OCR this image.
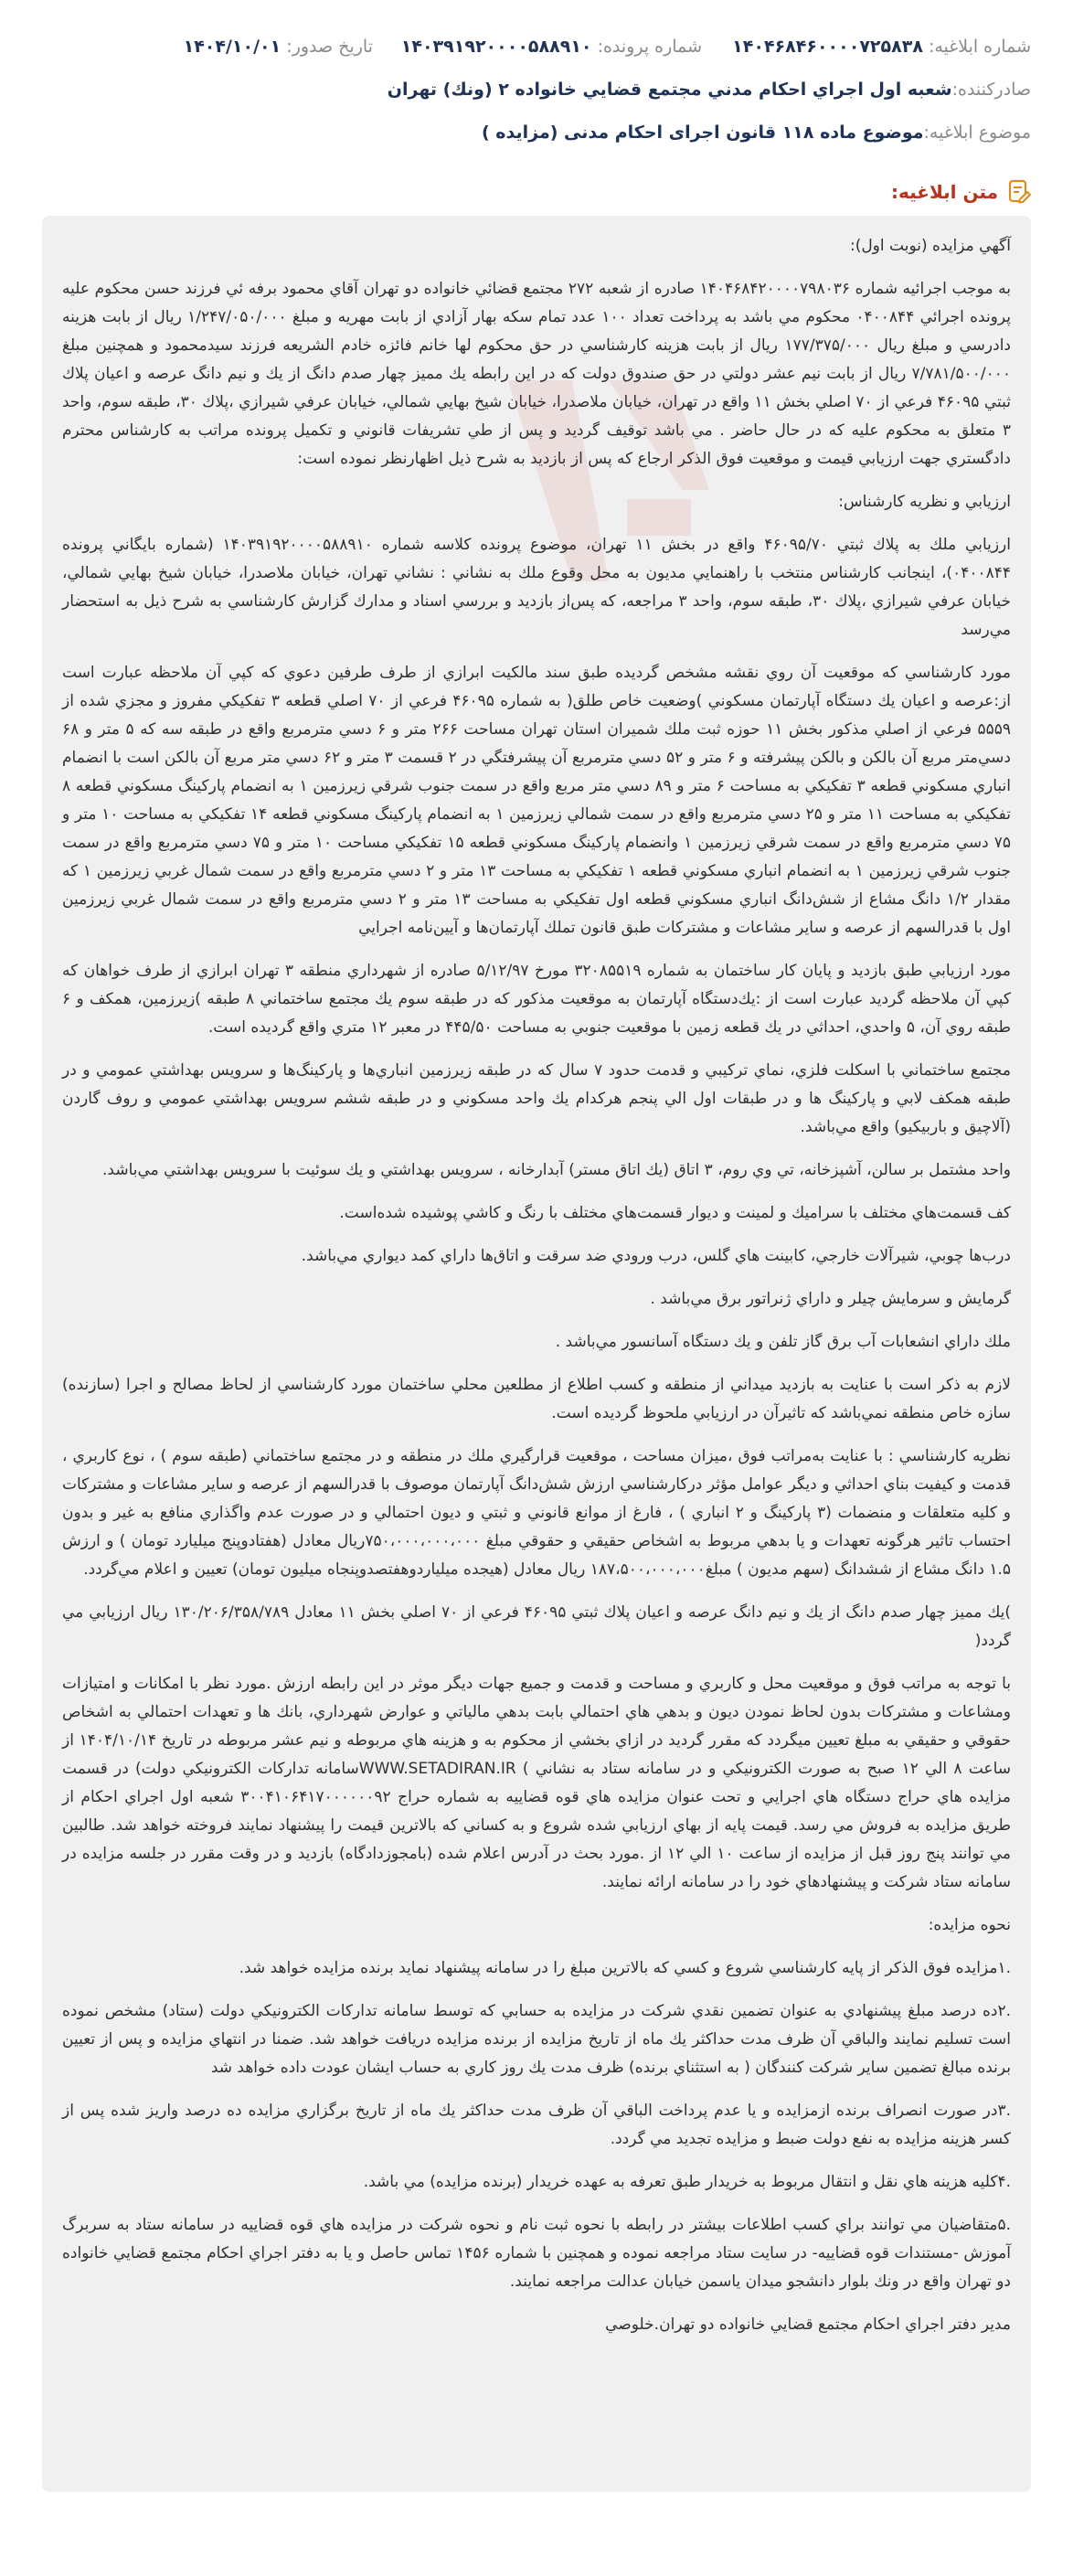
شماره ابلاغیه: ۱۴۰۴۶۸۴۶۰۰۰۰۷۲۵۸۳۸
شماره پرونده: ۱۴۰۳۹۱۹۲۰۰۰۰۵۸۸۹۱۰
تاریخ صدور: ۱۴۰۴/۱۰/۰۱
صادرکننده:
شعبه اول اجراي احكام مدني مجتمع قضايي خانواده ۲ (ونك) تهران
موضوع ابلاغیه:
موضوع ماده ۱۱۸ قانون اجرای احکام مدنی (مزایده )
متن ابلاغیه:

آگهي مزايده (نوبت اول):

به موجب اجرائيه شماره ۱۴۰۴۶۸۴۲۰۰۰۰۷۹۸۰۳۶ صادره از شعبه ۲۷۲ مجتمع قضائي خانواده دو تهران آقاي محمود برفه ئي فرزند حسن محكوم عليه پرونده اجرائي ۰۴۰۰۸۴۴ محكوم مي باشد به پرداخت تعداد ۱۰۰ عدد تمام سكه بهار آزادي از بابت مهريه و مبلغ ۱/۲۴۷/۰۵۰/۰۰۰ ريال از بابت هزينه دادرسي و مبلغ ريال ۱۷۷/۳۷۵/۰۰۰ ريال از بابت هزينه كارشناسي در حق محكوم لها خانم فائزه خادم الشريعه فرزند سيدمحمود و همچنين مبلغ ۷/۷۸۱/۵۰۰/۰۰۰ ريال از بابت نيم عشر دولتي در حق صندوق دولت كه در اين رابطه يك مميز چهار صدم دانگ از يك و نيم دانگ عرصه و اعيان پلاك ثبتي ۴۶۰۹۵ فرعي از ۷۰ اصلي بخش ۱۱ واقع در تهران، خيابان ملاصدرا، خيابان شيخ بهايي شمالي، خيابان عرفي شيرازي ،پلاك ۳۰، طبقه سوم، واحد ۳ متعلق به محكوم عليه كه در حال حاضر . مي باشد توقيف گرديد و پس از طي تشريفات قانوني و تكميل پرونده مراتب به كارشناس محترم دادگستري جهت ارزيابي قيمت و موقعيت فوق الذكر ارجاع كه پس از بازديد به شرح ذيل اظهارنظر نموده است:

ارزيابي و نظريه كارشناس:

ارزيابي ملك به پلاك ثبتي ۴۶۰۹۵/۷۰ واقع در بخش ۱۱ تهران، موضوع پرونده كلاسه شماره ۱۴۰۳۹۱۹۲۰۰۰۰۵۸۸۹۱۰ (شماره بايگاني پرونده ۰۴۰۰۸۴۴)، اينجانب كارشناس منتخب با راهنمايي مديون به محل وقوع ملك به نشاني : نشاني تهران، خيابان ملاصدرا، خيابان شيخ بهايي شمالي، خيابان عرفي شيرازي ،پلاك ۳۰، طبقه سوم، واحد ۳ مراجعه، كه پس‌از بازديد و بررسي اسناد و مدارك گزارش كارشناسي به شرح ذيل به استحضار مي‌رسد

مورد كارشناسي كه موقعيت آن روي نقشه مشخص گرديده طبق سند مالكيت ابرازي از طرف طرفين دعوي كه كپي آن ملاحظه عبارت است از:عرصه و اعيان يك دستگاه آپارتمان مسكوني )وضعيت خاص طلق( به شماره ۴۶۰۹۵ فرعي از ۷۰ اصلي قطعه ۳ تفكيكي مفروز و مجزي شده از ۵۵۵۹ فرعي از اصلي مذكور بخش ۱۱ حوزه ثبت ملك شميران استان تهران مساحت ۲۶۶ متر و ۶ دسي مترمربع واقع در طبقه سه كه ۵ متر و ۶۸ دسي‌متر مربع آن بالكن و بالكن پيشرفته و ۶ متر و ۵۲ دسي مترمربع آن پيشرفتگي در ۲ قسمت ۳ متر و ۶۲ دسي متر مربع آن بالكن است با انضمام انباري مسكوني قطعه ۳ تفكيكي به مساحت ۶ متر و ۸۹ دسي متر مربع واقع در سمت جنوب شرقي زيرزمين ۱ به انضمام پاركينگ مسكوني قطعه ۸ تفكيكي به مساحت ۱۱ متر و ۲۵ دسي مترمربع واقع در سمت شمالي زيرزمين ۱ به انضمام پاركينگ مسكوني قطعه ۱۴ تفكيكي به مساحت ۱۰ متر و ۷۵ دسي مترمربع واقع در سمت شرقي زيرزمين ۱ وانضمام پاركينگ مسكوني قطعه ۱۵ تفكيكي مساحت ۱۰ متر و ۷۵ دسي مترمربع واقع در سمت جنوب شرقي زيرزمين ۱ به انضمام انباري مسكوني قطعه ۱ تفكيكي به مساحت ۱۳ متر و ۲ دسي مترمربع واقع در سمت شمال غربي زيرزمين ۱ كه مقدار ۱/۲ دانگ مشاع از شش‌دانگ انباري مسكوني قطعه اول تفكيكي به مساحت ۱۳ متر و ۲ دسي مترمربع واقع در سمت شمال غربي زيرزمين اول با قدرالسهم از عرصه و ساير مشاعات و مشتركات طبق قانون تملك آپارتمان‌ها و آيين‌نامه اجرايي

مورد ارزيابي طبق بازديد و پايان كار ساختمان به شماره ۳۲۰۸۵۵۱۹ مورخ ۵/۱۲/۹۷ صادره از شهرداري منطقه ۳ تهران ابرازي از طرف خواهان كه كپي آن ملاحظه گرديد عبارت است از :يك‌دستگاه آپارتمان به موقعيت مذكور كه در طبقه سوم يك مجتمع ساختماني ۸ طبقه )زيرزمين، همكف و ۶ طبقه روي آن، ۵ واحدي، احداثي در يك قطعه زمين با موقعيت جنوبي به مساحت ۴۴۵/۵۰ در معبر ۱۲ متري واقع گرديده است.

مجتمع ساختماني با اسكلت فلزي، نماي تركيبي و قدمت حدود ۷ سال كه در طبقه زيرزمين انباري‌ها و پاركينگ‌ها و سرويس بهداشتي عمومي و در طبقه همكف لابي و پاركينگ ها و در طبقات اول الي پنجم هركدام يك واحد مسكوني و در طبقه ششم سرويس بهداشتي عمومي و روف گاردن (آلاچيق و باربيكيو) واقع مي‌باشد.

واحد مشتمل بر سالن، آشپزخانه، تي وي روم، ۳ اتاق (يك اتاق مستر) آبدارخانه ، سرويس بهداشتي و يك سوئيت با سرويس بهداشتي مي‌باشد.

كف قسمت‌هاي مختلف با سراميك و لمينت و ديوار قسمت‌هاي مختلف با رنگ و كاشي پوشيده شده‌است.

درب‌ها چوبي، شيرآلات خارجي، كابينت هاي گلس، درب ورودي ضد سرقت و اتاق‌ها داراي كمد ديواري مي‌باشد.

گرمايش و سرمايش چيلر و داراي ژنراتور برق مي‌باشد .

ملك داراي انشعابات آب برق گاز تلفن و يك دستگاه آسانسور مي‌باشد .

لازم به ذكر است با عنايت به بازديد ميداني از منطقه و كسب اطلاع از مطلعين محلي ساختمان مورد كارشناسي از لحاظ مصالح و اجرا (سازنده) سازه خاص منطقه نمي‌باشد كه تاثيرآن در ارزيابي ملحوظ گرديده است.

نظريه كارشناسي : با عنايت به‌مراتب فوق ،ميزان مساحت ، موقعيت قرارگيري ملك در منطقه و در مجتمع ساختماني (طبقه سوم ) ، نوع كاربري ، قدمت و كيفيت بناي احداثي و ديگر عوامل مؤثر دركارشناسي ارزش شش‌دانگ آپارتمان موصوف با قدرالسهم از عرصه و ساير مشاعات و مشتركات و كليه متعلقات و منضمات (۳ پاركينگ و ۲ انباري ) ، فارغ از موانع قانوني و ثبتي و ديون احتمالي و در صورت عدم واگذاري منافع به غير و بدون احتساب تاثير هرگونه تعهدات و يا بدهي مربوط به اشخاص حقيقي و حقوقي مبلغ ۷۵۰،۰۰۰،۰۰۰،۰۰۰ريال معادل (هفتادوپنج ميليارد تومان ) و ارزش ۱.۵ دانگ مشاع از ششدانگ (سهم مديون ) مبلغ۱۸۷،۵۰۰،۰۰۰،۰۰۰ ريال معادل (هيجده ميلياردوهفتصدوپنجاه ميليون تومان) تعيين و اعلام مي‌گردد.

)يك مميز چهار صدم دانگ از يك و نيم دانگ عرصه و اعيان پلاك ثبتي ۴۶۰۹۵ فرعي از ۷۰ اصلي بخش ۱۱ معادل ۱۳۰/۲۰۶/۳۵۸/۷۸۹ ريال ارزيابي مي گردد(

با توجه به مراتب فوق و موقعيت محل و كاربري و مساحت و قدمت و جميع جهات ديگر موثر در اين رابطه ارزش .مورد نظر با امكانات و امتيازات ومشاعات و مشتركات بدون لحاظ نمودن ديون و بدهي هاي احتمالي بابت بدهي مالياتي و عوارض شهرداري، بانك ها و تعهدات احتمالي به اشخاص حقوقي و حقيقي به مبلغ تعيين ميگردد كه مقرر گرديد در ازاي بخشي از محكوم به و هزينه هاي مربوطه و نيم عشر مربوطه در تاريخ ۱۴۰۴/۱۰/۱۴ از ساعت ۸ الي ۱۲ صبح به صورت الكترونيكي و در سامانه ستاد به نشاني ) WWW.SETADIRAN.IRسامانه تداركات الكترونيكي دولت) در قسمت مزايده هاي حراج دستگاه هاي اجرايي و تحت عنوان مزايده هاي قوه قضاييه به شماره حراج ۳۰۰۴۱۰۶۴۱۷۰۰۰۰۰۰۹۲ شعبه اول اجراي احكام از طريق مزايده به فروش مي رسد. قيمت پايه از بهاي ارزيابي شده شروع و به كساني كه بالاترين قيمت را پيشنهاد نمايند فروخته خواهد شد. طالبين مي توانند پنج روز قبل از مزايده از ساعت ۱۰ الي ۱۲ از .مورد بحث در آدرس اعلام شده (بامجوزدادگاه) بازديد و در وقت مقرر در جلسه مزايده در سامانه ستاد شركت و پيشنهادهاي خود را در سامانه ارائه نمايند.

نحوه مزايده:

.۱مزايده فوق الذكر از پايه كارشناسي شروع و كسي كه بالاترين مبلغ را در سامانه پيشنهاد نمايد برنده مزايده خواهد شد.

.۲ده درصد مبلغ پيشنهادي به عنوان تضمين نقدي شركت در مزايده به حسابي كه توسط سامانه تداركات الكترونيكي دولت (ستاد) مشخص نموده است تسليم نمايند والباقي آن ظرف مدت حداكثر يك ماه از تاريخ مزايده از برنده مزايده دريافت خواهد شد. ضمنا در انتهاي مزايده و پس از تعيين برنده مبالغ تضمين ساير شركت كنندگان ( به استثناي برنده) ظرف مدت يك روز كاري به حساب ايشان عودت داده خواهد شد

.۳در صورت انصراف برنده ازمزايده و يا عدم پرداخت الباقي آن ظرف مدت حداكثر يك ماه از تاريخ برگزاري مزايده ده درصد واريز شده پس از كسر هزينه مزايده به نفع دولت ضبط و مزايده تجديد مي گردد.

.۴كليه هزينه هاي نقل و انتقال مربوط به خريدار طبق تعرفه به عهده خريدار (برنده مزايده) مي باشد.

.۵متقاضيان مي توانند براي كسب اطلاعات بيشتر در رابطه با نحوه ثبت نام و نحوه شركت در مزايده هاي قوه قضاييه در سامانه ستاد به سربرگ آموزش -مستندات قوه قضاييه- در سايت ستاد مراجعه نموده و همچنين با شماره ۱۴۵۶ تماس حاصل و يا به دفتر اجراي احكام مجتمع قضايي خانواده دو تهران واقع در ونك بلوار دانشجو ميدان ياسمن خيابان عدالت مراجعه نمايند.

مدير دفتر اجراي احكام مجتمع قضايي خانواده دو تهران.خلوصي
